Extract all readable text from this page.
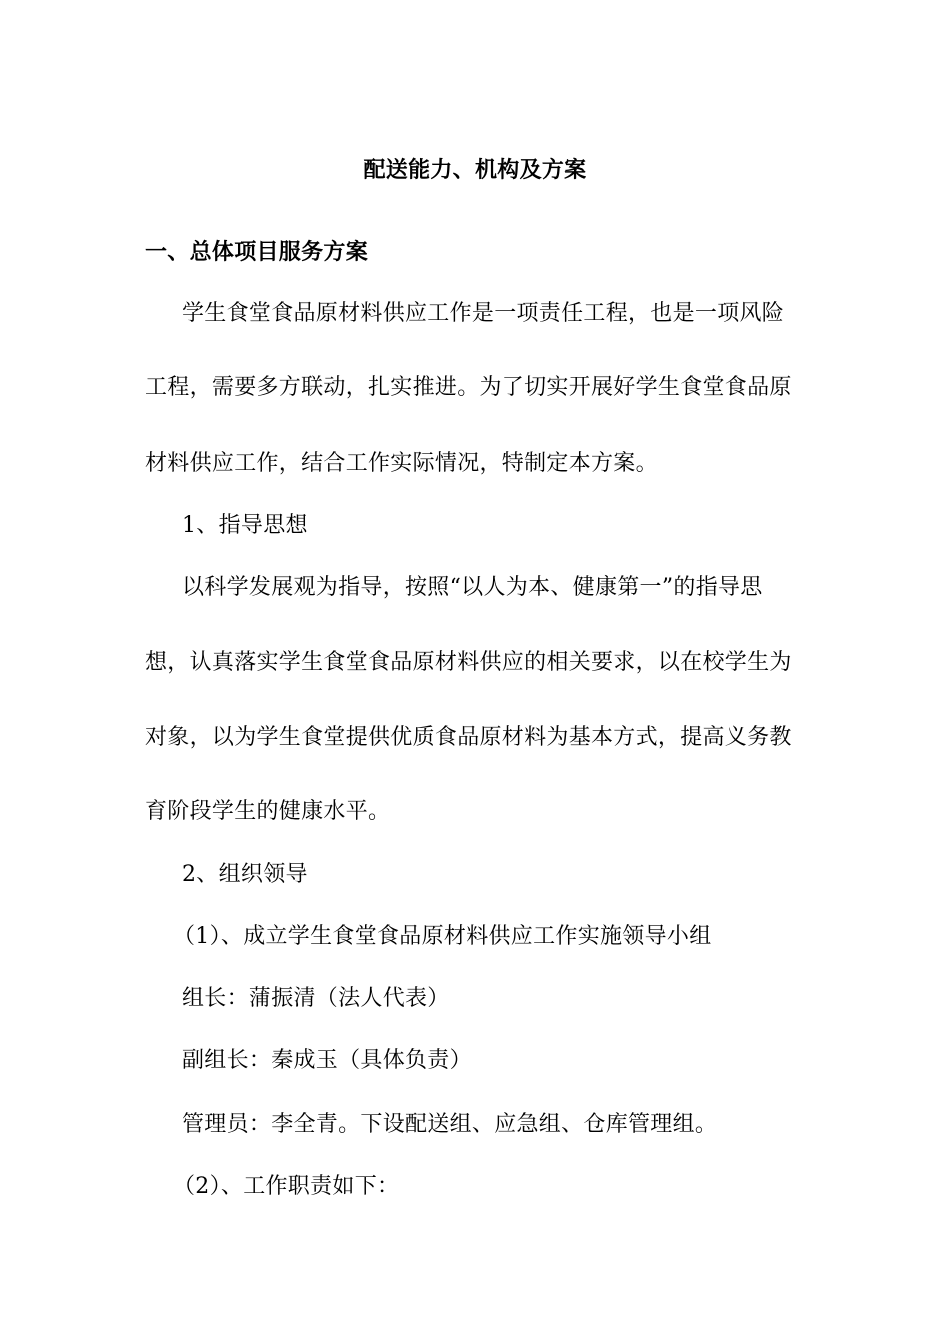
配送能力、机构及方案
一、总体项目服务方案
学生食堂食品原材料供应工作是一项责任工程，也是一项风险
工程，需要多方联动，扎实推进。为了切实开展好学生食堂食品原
材料供应工作，结合工作实际情况，特制定本方案。
1、指导思想
以科学发展观为指导，按照“以人为本、健康第一”的指导思
想，认真落实学生食堂食品原材料供应的相关要求，以在校学生为
对象，以为学生食堂提供优质食品原材料为基本方式，提高义务教
育阶段学生的健康水平。
2、组织领导
（1）、成立学生食堂食品原材料供应工作实施领导小组
组长：蒲振清（法人代表）
副组长：秦成玉（具体负责）
管理员：李全青。下设配送组、应急组、仓库管理组。
（2）、工作职责如下：
